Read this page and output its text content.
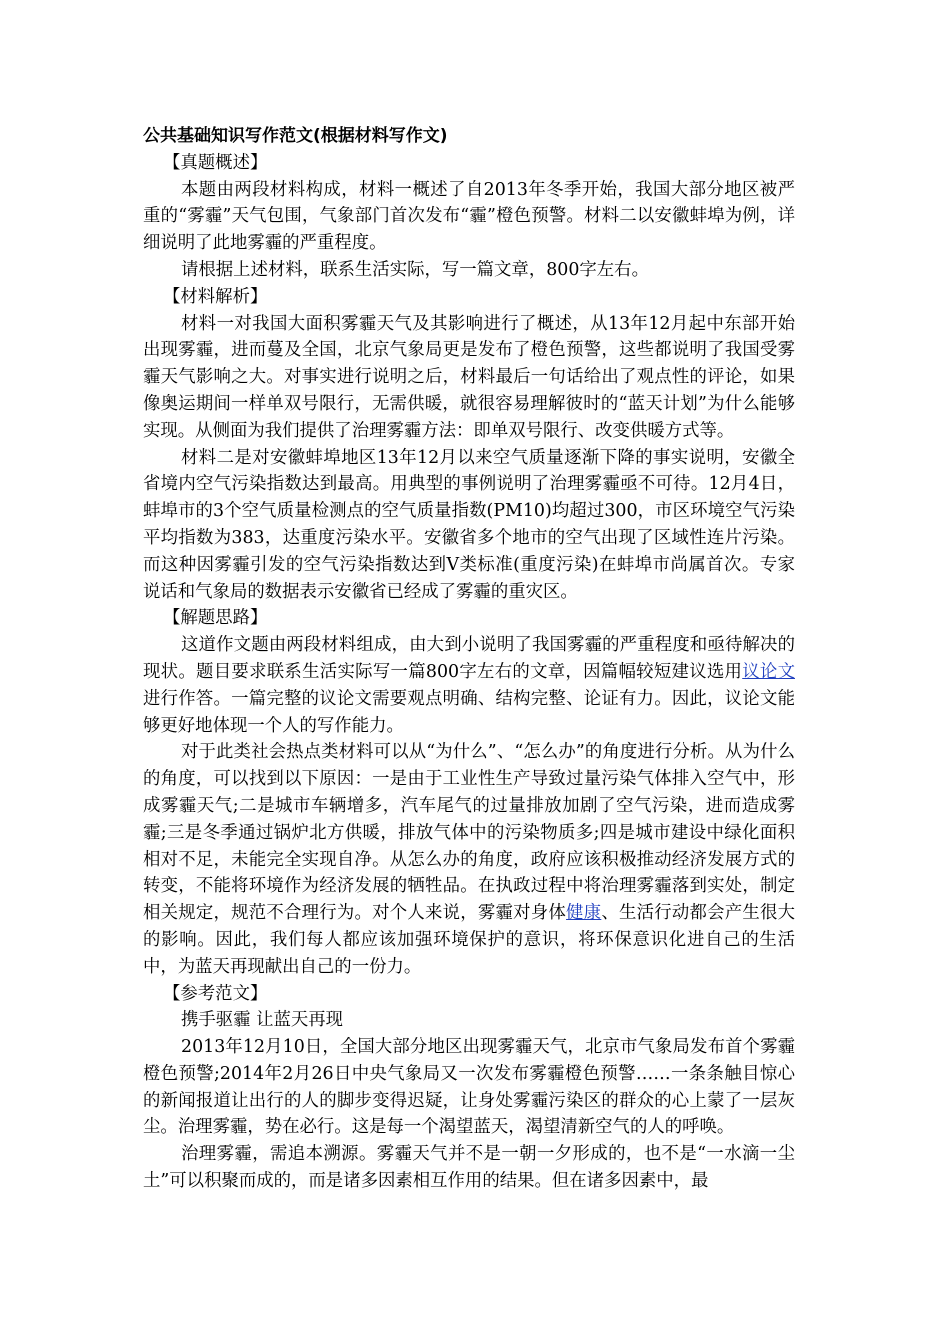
公共基础知识写作范文(根据材料写作文)

【真题概述】

本题由两段材料构成，材料一概述了自2013年冬季开始，我国大部分地区被严重的“雾霾”天气包围，气象部门首次发布“霾”橙色预警。材料二以安徽蚌埠为例，详细说明了此地雾霾的严重程度。

请根据上述材料，联系生活实际，写一篇文章，800字左右。

【材料解析】

材料一对我国大面积雾霾天气及其影响进行了概述，从13年12月起中东部开始出现雾霾，进而蔓及全国，北京气象局更是发布了橙色预警，这些都说明了我国受雾霾天气影响之大。对事实进行说明之后，材料最后一句话给出了观点性的评论，如果像奥运期间一样单双号限行，无需供暖，就很容易理解彼时的“蓝天计划”为什么能够实现。从侧面为我们提供了治理雾霾方法：即单双号限行、改变供暖方式等。

材料二是对安徽蚌埠地区13年12月以来空气质量逐渐下降的事实说明，安徽全省境内空气污染指数达到最高。用典型的事例说明了治理雾霾亟不可待。12月4日，蚌埠市的3个空气质量检测点的空气质量指数(PM10)均超过300，市区环境空气污染平均指数为383，达重度污染水平。安徽省多个地市的空气出现了区域性连片污染。而这种因雾霾引发的空气污染指数达到V类标准(重度污染)在蚌埠市尚属首次。专家说话和气象局的数据表示安徽省已经成了雾霾的重灾区。

【解题思路】

这道作文题由两段材料组成，由大到小说明了我国雾霾的严重程度和亟待解决的现状。题目要求联系生活实际写一篇800字左右的文章，因篇幅较短建议选用议论文进行作答。一篇完整的议论文需要观点明确、结构完整、论证有力。因此，议论文能够更好地体现一个人的写作能力。

对于此类社会热点类材料可以从“为什么”、“怎么办”的角度进行分析。从为什么的角度，可以找到以下原因：一是由于工业性生产导致过量污染气体排入空气中，形成雾霾天气;二是城市车辆增多，汽车尾气的过量排放加剧了空气污染，进而造成雾霾;三是冬季通过锅炉北方供暖，排放气体中的污染物质多;四是城市建设中绿化面积相对不足，未能完全实现自净。从怎么办的角度，政府应该积极推动经济发展方式的转变，不能将环境作为经济发展的牺牲品。在执政过程中将治理雾霾落到实处，制定相关规定，规范不合理行为。对个人来说，雾霾对身体健康、生活行动都会产生很大的影响。因此，我们每人都应该加强环境保护的意识，将环保意识化进自己的生活中，为蓝天再现献出自己的一份力。

【参考范文】

携手驱霾 让蓝天再现

2013年12月10日，全国大部分地区出现雾霾天气，北京市气象局发布首个雾霾橙色预警;2014年2月26日中央气象局又一次发布雾霾橙色预警……一条条触目惊心的新闻报道让出行的人的脚步变得迟疑，让身处雾霾污染区的群众的心上蒙了一层灰尘。治理雾霾，势在必行。这是每一个渴望蓝天，渴望清新空气的人的呼唤。

治理雾霾，需追本溯源。雾霾天气并不是一朝一夕形成的，也不是“一水滴一尘土”可以积聚而成的，而是诸多因素相互作用的结果。但在诸多因素中，最
